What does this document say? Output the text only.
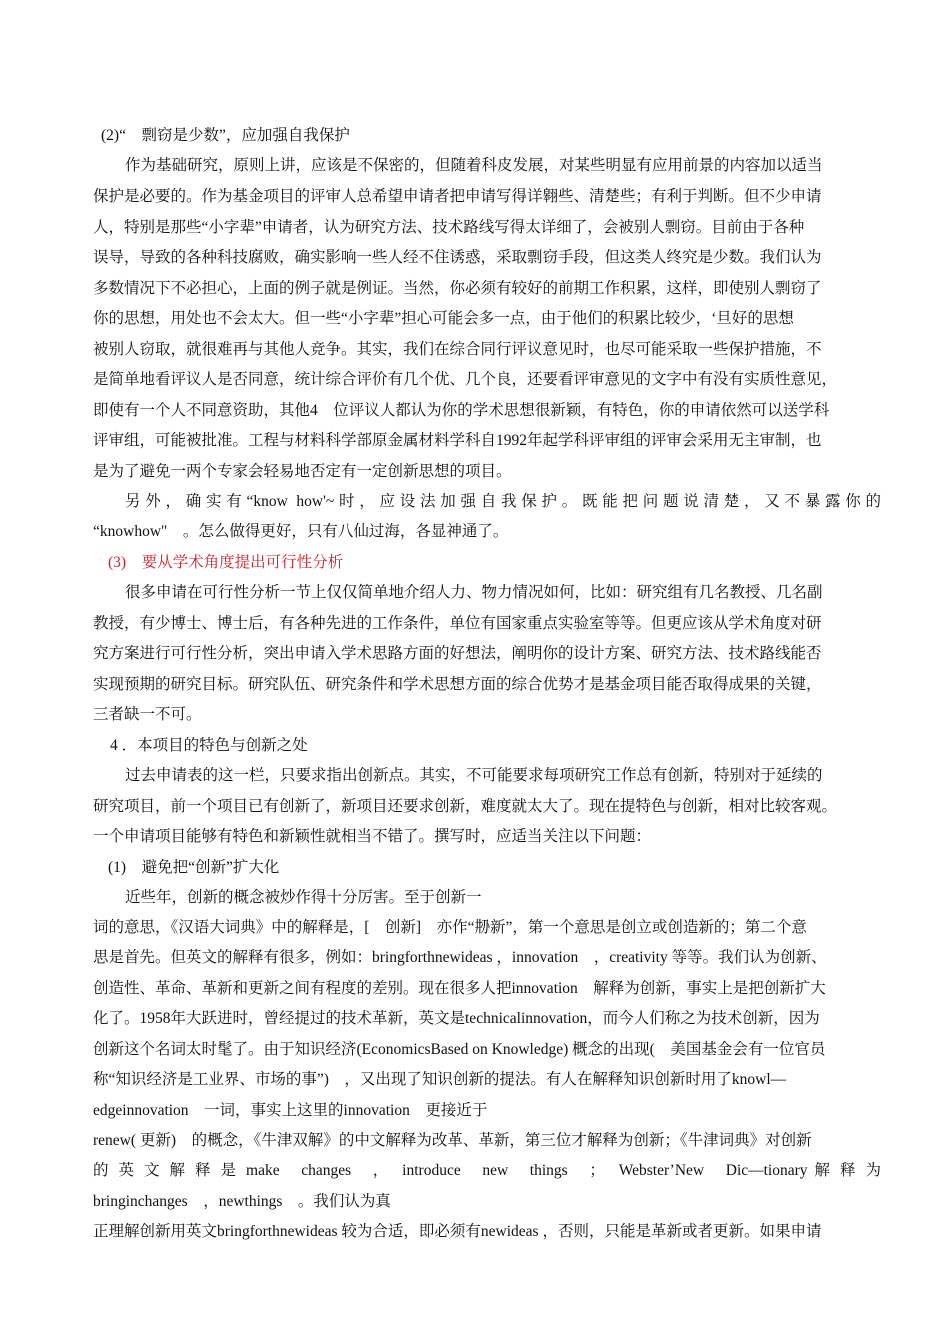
(2)“　剽窃是少数”，应加强自我保护
作为基础研究，原则上讲，应该是不保密的，但随着科皮发展，对某些明显有应用前景的内容加以适当
保护是必要的。作为基金项目的评审人总希望申请者把申请写得详翱些、清楚些；有利于判断。但不少申请
人，特别是那些“小字辈”申请者，认为研究方法、技术路线写得太详细了，会被别人剽窃。目前由于各种
误导，导致的各种科技腐败，确实影响一些人经不住诱惑，采取剽窃手段，但这类人终究是少数。我们认为
多数情况下不必担心，上面的例子就是例证。当然，你必须有较好的前期工作积累，这样，即使别人剽窃了
你的思想，用处也不会太大。但一些“小字辈”担心可能会多一点，由于他们的积累比较少，‘旦好的思想
被别人窃取，就很难再与其他人竞争。其实，我们在综合同行评议意见时，也尽可能采取一些保护措施，不
是简单地看评议人是否同意，统计综合评价有几个优、几个良，还要看评审意见的文字中有没有实质性意见，
即使有一个人不同意资助，其他4　位评议人都认为你的学术思想很新颖，有特色，你的申请依然可以送学科
评审组，可能被批准。工程与材料科学部原金属材料学科自1992年起学科评审组的评审会采用无主审制，也
是为了避免一两个专家会轻易地否定有一定创新思想的项目。
另外，确实有“know how'~时，应设法加强自我保护。既能把问题说清楚，又不暴露你的
“knowhow"　。怎么做得更好，只有八仙过海，各显神通了。
(3)　要从学术角度提出可行性分析
很多申请在可行性分析一节上仅仅简单地介绍人力、物力情况如何，比如：研究组有几名教授、几名副
教授，有少博士、博士后，有各种先进的工作条件，单位有国家重点实验室等等。但更应该从学术角度对研
究方案进行可行性分析，突出申请入学术思路方面的好想法，阐明你的设计方案、研究方法、技术路线能否
实现预期的研究目标。研究队伍、研究条件和学术思想方面的综合优势才是基金项目能否取得成果的关键，
三者缺一不可。
4 ．本项目的特色与创新之处
过去申请表的这一栏，只要求指出创新点。其实，不可能要求每项研究工作总有创新，特别对于延续的
研究项目，前一个项目已有创新了，新项目还要求创新，难度就太大了。现在提特色与创新，相对比较客观。
一个申请项目能够有特色和新颖性就相当不错了。撰写时，应适当关注以下问题：
(1)　避免把“创新”扩大化
近些年，创新的概念被炒作得十分厉害。至于创新一
词的意思，《汉语大词典》中的解释是，[　创新]　亦作“刱新”，第一个意思是创立或创造新的；第二个意
思是首先。但英文的解释有很多，例如：bringforthnewideas ，innovation　，creativity 等等。我们认为创新、
创造性、革命、革新和更新之间有程度的差别。现在很多人把innovation　解释为创新，事实上是把创新扩大
化了。1958年大跃进时，曾经提过的技术革新，英文是technicalinnovation，而今人们称之为技术创新，因为
创新这个名词太时髦了。由于知识经济(EconomicsBased on Knowledge) 概念的出现(　美国基金会有一位官员
称“知识经济是工业界、市场的事”)　，又出现了知识创新的提法。有人在解释知识创新时用了knowl—
edgeinnovation　一词，事实上这里的innovation　更接近于
renew( 更新)　的概念，《牛津双解》的中文解释为改革、革新，第三位才解释为创新；《牛津词典》对创新
的 英 文 解 释 是 make　changes　，　introduce　new　things　；　Webster’New　Dic—tionary 解 释 为
bringinchanges　，newthings　。我们认为真
正理解创新用英文bringforthnewideas 较为合适，即必须有newideas ，否则，只能是革新或者更新。如果申请
